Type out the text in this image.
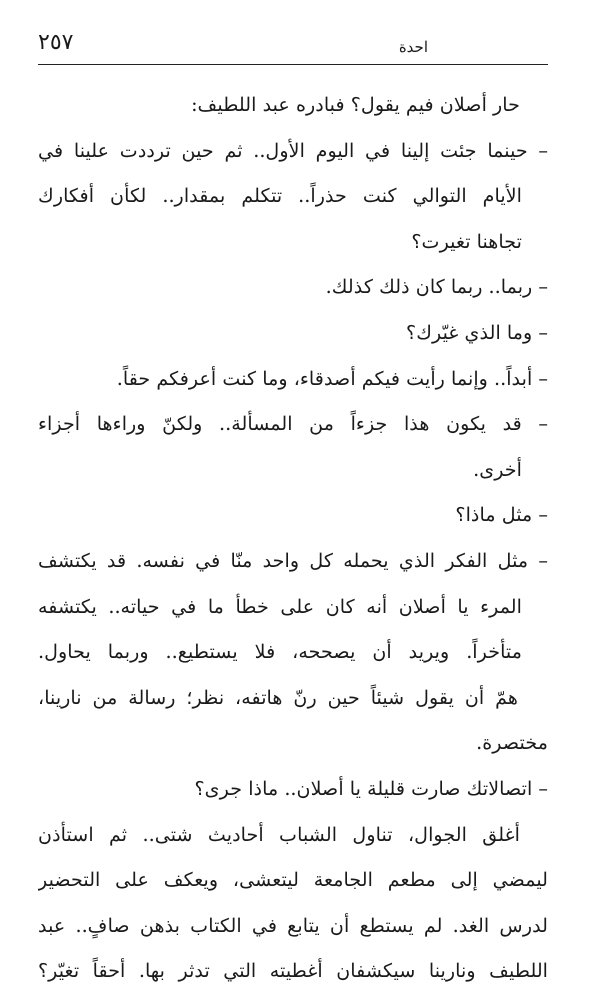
٢٥٧	احدة
حار أصلان فيم يقول؟ فبادره عبد اللطيف:
– حينما جئت إلينا في اليوم الأول.. ثم حين ترددت علينا في
الأيام التوالي كنت حذراً.. تتكلم بمقدار.. لكأن أفكارك
تجاهنا تغيرت؟
– ربما.. ربما كان ذلك كذلك.
– وما الذي غيّرك؟
– أبداً.. وإنما رأيت فيكم أصدقاء، وما كنت أعرفكم حقاً.
– قد يكون هذا جزءاً من المسألة.. ولكنّ وراءها أجزاء
أخرى.
– مثل ماذا؟
– مثل الفكر الذي يحمله كل واحد منّا في نفسه. قد يكتشف
المرء يا أصلان أنه كان على خطأ ما في حياته.. يكتشفه
متأخراً. ويريد أن يصححه، فلا يستطيع.. وربما يحاول.
همّ أن يقول شيئاً حين رنّ هاتفه، نظر؛ رسالة من نارينا،
مختصرة.
– اتصالاتك صارت قليلة يا أصلان.. ماذا جرى؟
أغلق الجوال، تناول الشباب أحاديث شتى.. ثم استأذن
ليمضي إلى مطعم الجامعة ليتعشى، ويعكف على التحضير
لدرس الغد. لم يستطع أن يتابع في الكتاب بذهن صافٍ.. عبد
اللطيف ونارينا سيكشفان أغطيته التي تدثر بها. أحقاً تغيّر؟
